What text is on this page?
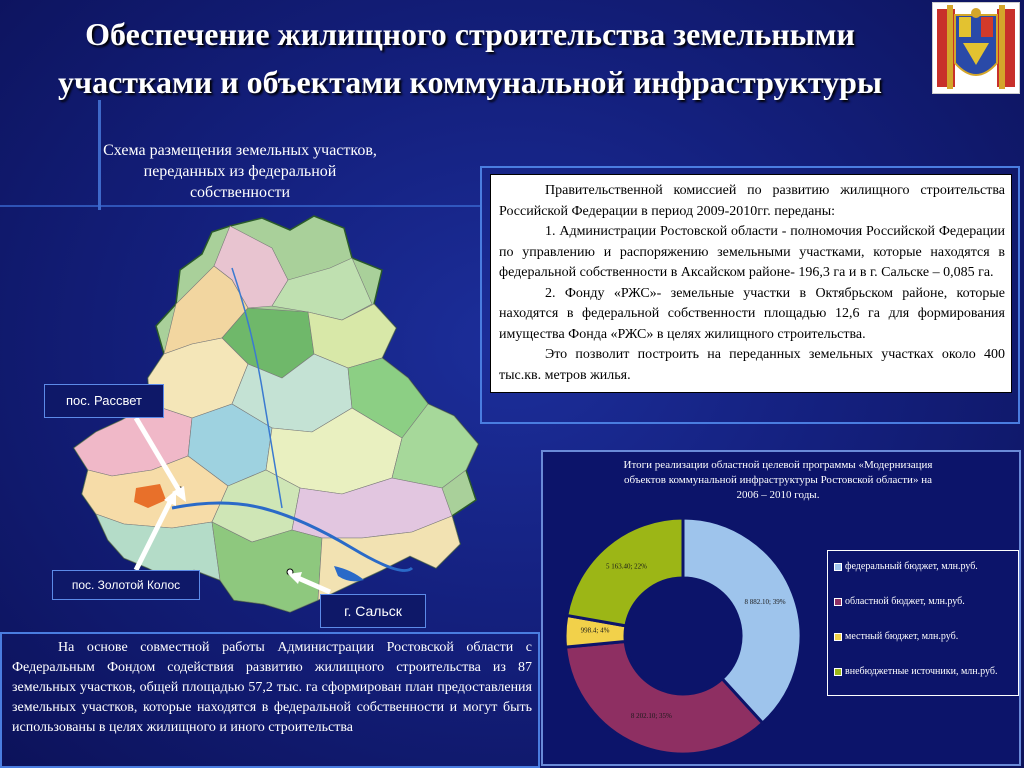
Обеспечение жилищного строительства земельными
участками и объектами коммунальной инфраструктуры
Схема размещения земельных участков,
переданных из федеральной
собственности
пос. Рассвет
пос. Золотой Колос
г. Сальск

Правительственной комиссией по развитию жилищного строительства Российской Федерации в период 2009-2010гг. переданы:

1. Администрации Ростовской области - полномочия Российской Федерации по управлению и распоряжению земельными участками, которые находятся в федеральной собственности в Аксайском районе- 196,3 га и в г. Сальске – 0,085 га.

2. Фонду «РЖС»- земельные участки в Октябрьском районе, которые находятся в федеральной собственности площадью 12,6 га для формирования имущества Фонда «РЖС» в целях жилищного строительства.

Это позволит построить на переданных земельных участках около 400 тыс.кв. метров жилья.

Итоги реализации областной целевой программы «Модернизация
объектов коммунальной инфраструктуры Ростовской области» на
2006 – 2010 годы.
8 882.10; 39%
8 202.10; 35%
998.4; 4%
5 163.40; 22%	федеральный бюджет, млн.руб.
областной бюджет, млн.руб.
местный бюджет, млн.руб.
внебюджетные источники, млн.руб.

На основе совместной работы Администрации Ростовской области с Федеральным Фондом содействия развитию жилищного строительства из 87 земельных участков, общей площадью 57,2 тыс. га сформирован план предоставления земельных участков, которые находятся в федеральной собственности и могут быть использованы в целях жилищного и иного строительства
